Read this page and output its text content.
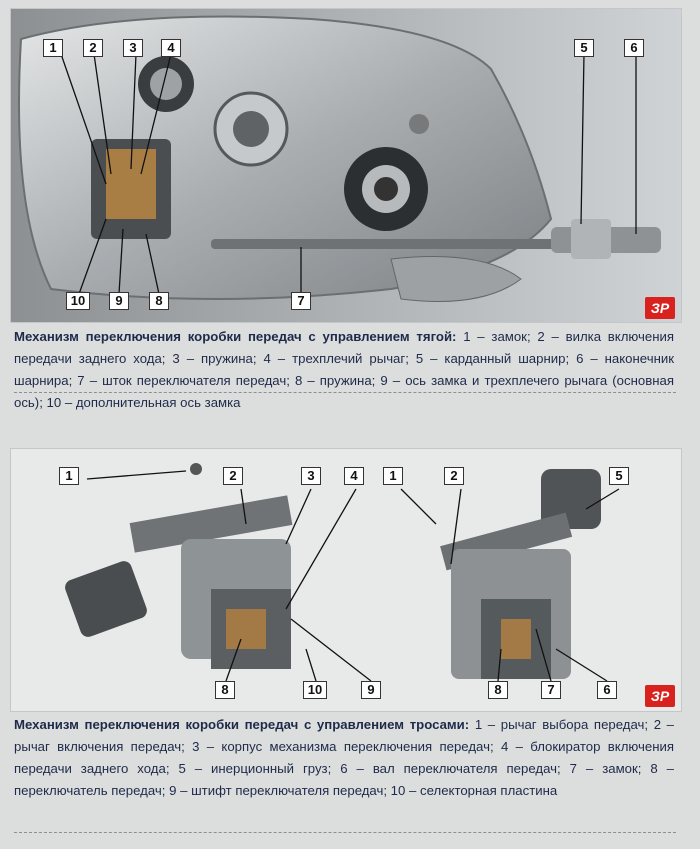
1	2	3	4	5	6
10	9	8	7	ЗР
Механизм переключения коробки передач с управлением тягой: 1 – замок; 2 – вилка включения передачи заднего хода; 3 – пружина; 4 – трехплечий рычаг; 5 – карданный шарнир; 6 – наконечник шарнира; 7 – шток переключателя передач; 8 – пружина; 9 – ось замка и трехплечего рычага (основная ось); 10 – дополнительная ось замка
1	2	3	4	1	2	5
8	10	9	8	7	6	ЗР
Механизм переключения коробки передач с управлением тросами: 1 – рычаг выбора передач; 2 – рычаг включения передач; 3 – корпус механизма переключения передач; 4 – блокиратор включения передачи заднего хода; 5 – инерционный груз; 6 – вал переключателя передач; 7 – замок; 8 – переключатель передач; 9 – штифт переключателя передач; 10 – селекторная пластина
